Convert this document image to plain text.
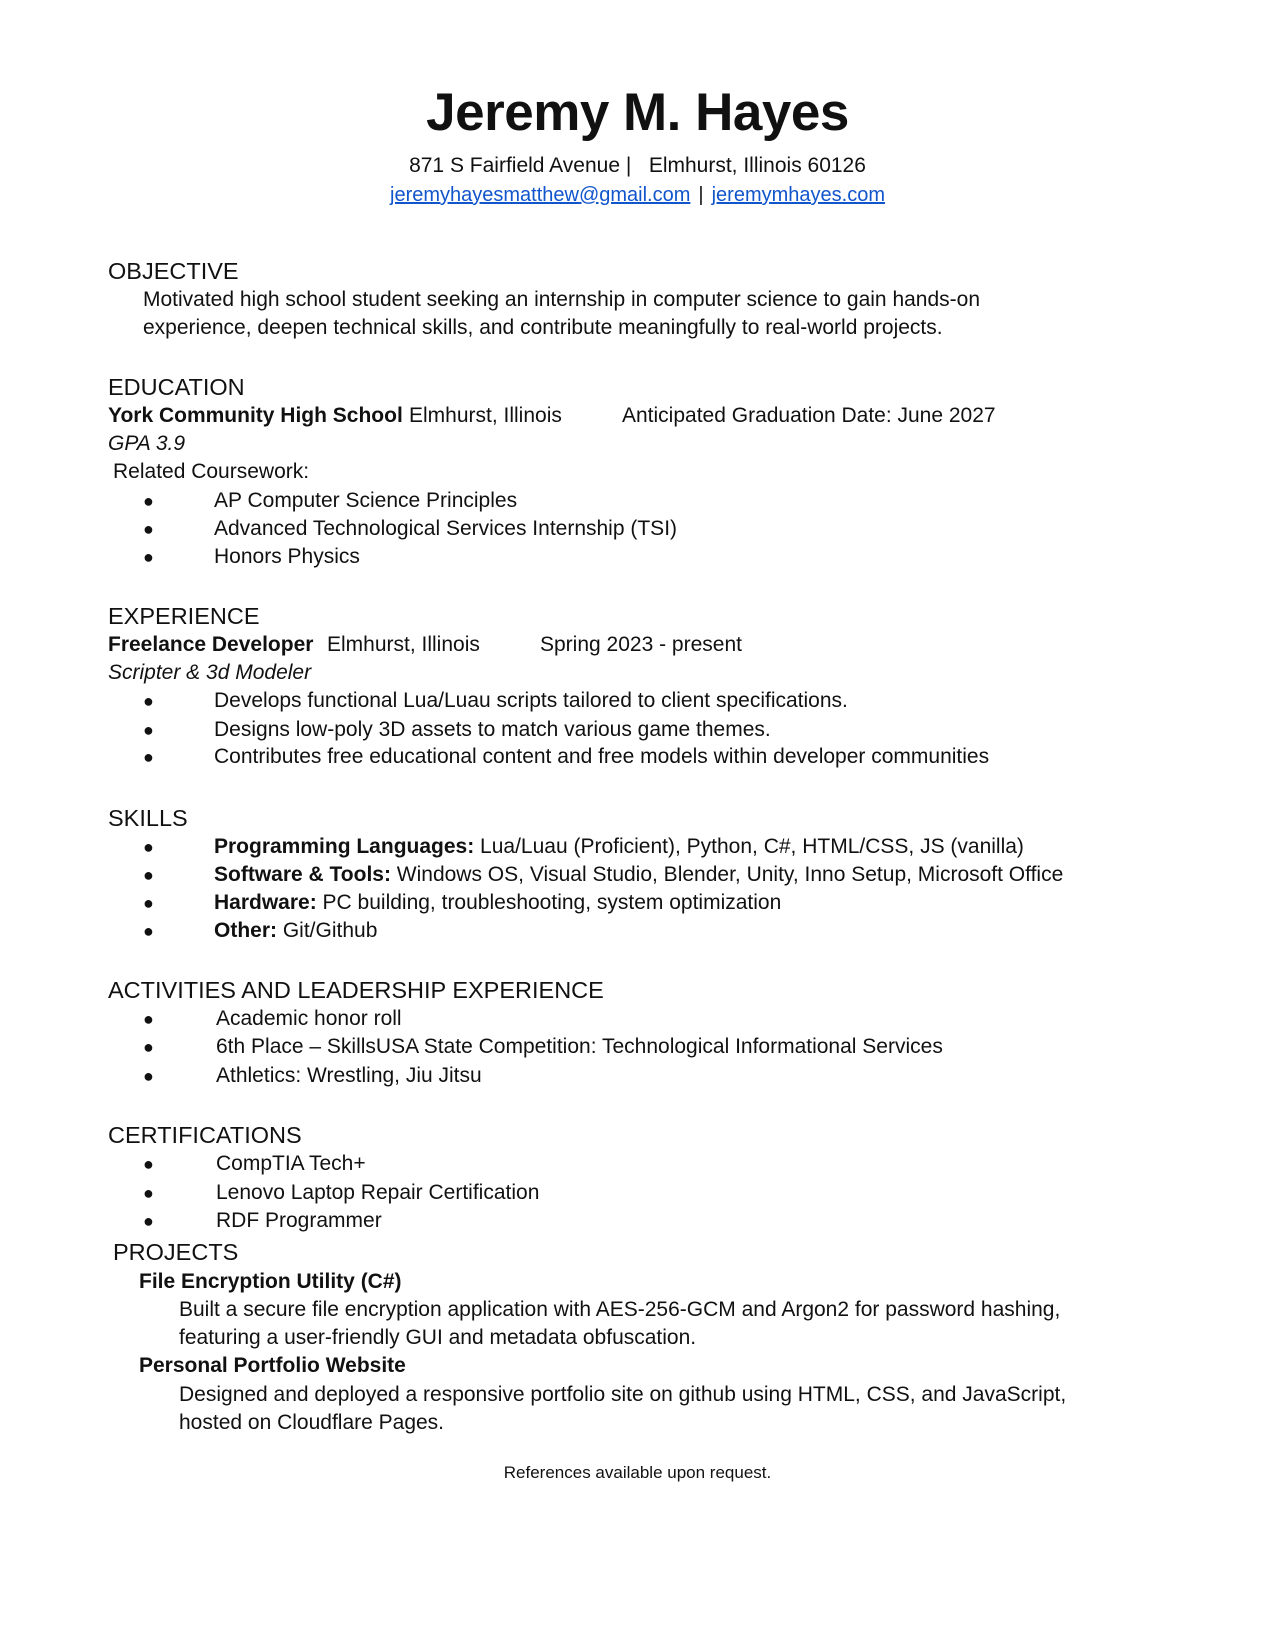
Jeremy M. Hayes
871 S Fairfield Avenue | Elmhurst, Illinois 60126
jeremyhayesmatthew@gmail.com | jeremymhayes.com
OBJECTIVE
Motivated high school student seeking an internship in computer science to gain hands-on
experience, deepen technical skills, and contribute meaningfully to real-world projects.
EDUCATION
York Community High School Elmhurst, Illinois	Anticipated Graduation Date: June 2027
GPA 3.9
Related Coursework:
●	AP Computer Science Principles
●	Advanced Technological Services Internship (TSI)
●	Honors Physics
EXPERIENCE
Freelance Developer Elmhurst, Illinois	Spring 2023 - present
Scripter & 3d Modeler
●	Develops functional Lua/Luau scripts tailored to client specifications.
●	Designs low-poly 3D assets to match various game themes.
●	Contributes free educational content and free models within developer communities
SKILLS
●	Programming Languages: Lua/Luau (Proficient), Python, C#, HTML/CSS, JS (vanilla)
●	Software & Tools: Windows OS, Visual Studio, Blender, Unity, Inno Setup, Microsoft Office
●	Hardware: PC building, troubleshooting, system optimization
●	Other: Git/Github
ACTIVITIES AND LEADERSHIP EXPERIENCE
●	Academic honor roll
●	6th Place – SkillsUSA State Competition: Technological Informational Services
●	Athletics: Wrestling, Jiu Jitsu
CERTIFICATIONS
●	CompTIA Tech+
●	Lenovo Laptop Repair Certification
●	RDF Programmer
PROJECTS
File Encryption Utility (C#)
Built a secure file encryption application with AES-256-GCM and Argon2 for password hashing,
featuring a user-friendly GUI and metadata obfuscation.
Personal Portfolio Website
Designed and deployed a responsive portfolio site on github using HTML, CSS, and JavaScript,
hosted on Cloudflare Pages.
References available upon request.
